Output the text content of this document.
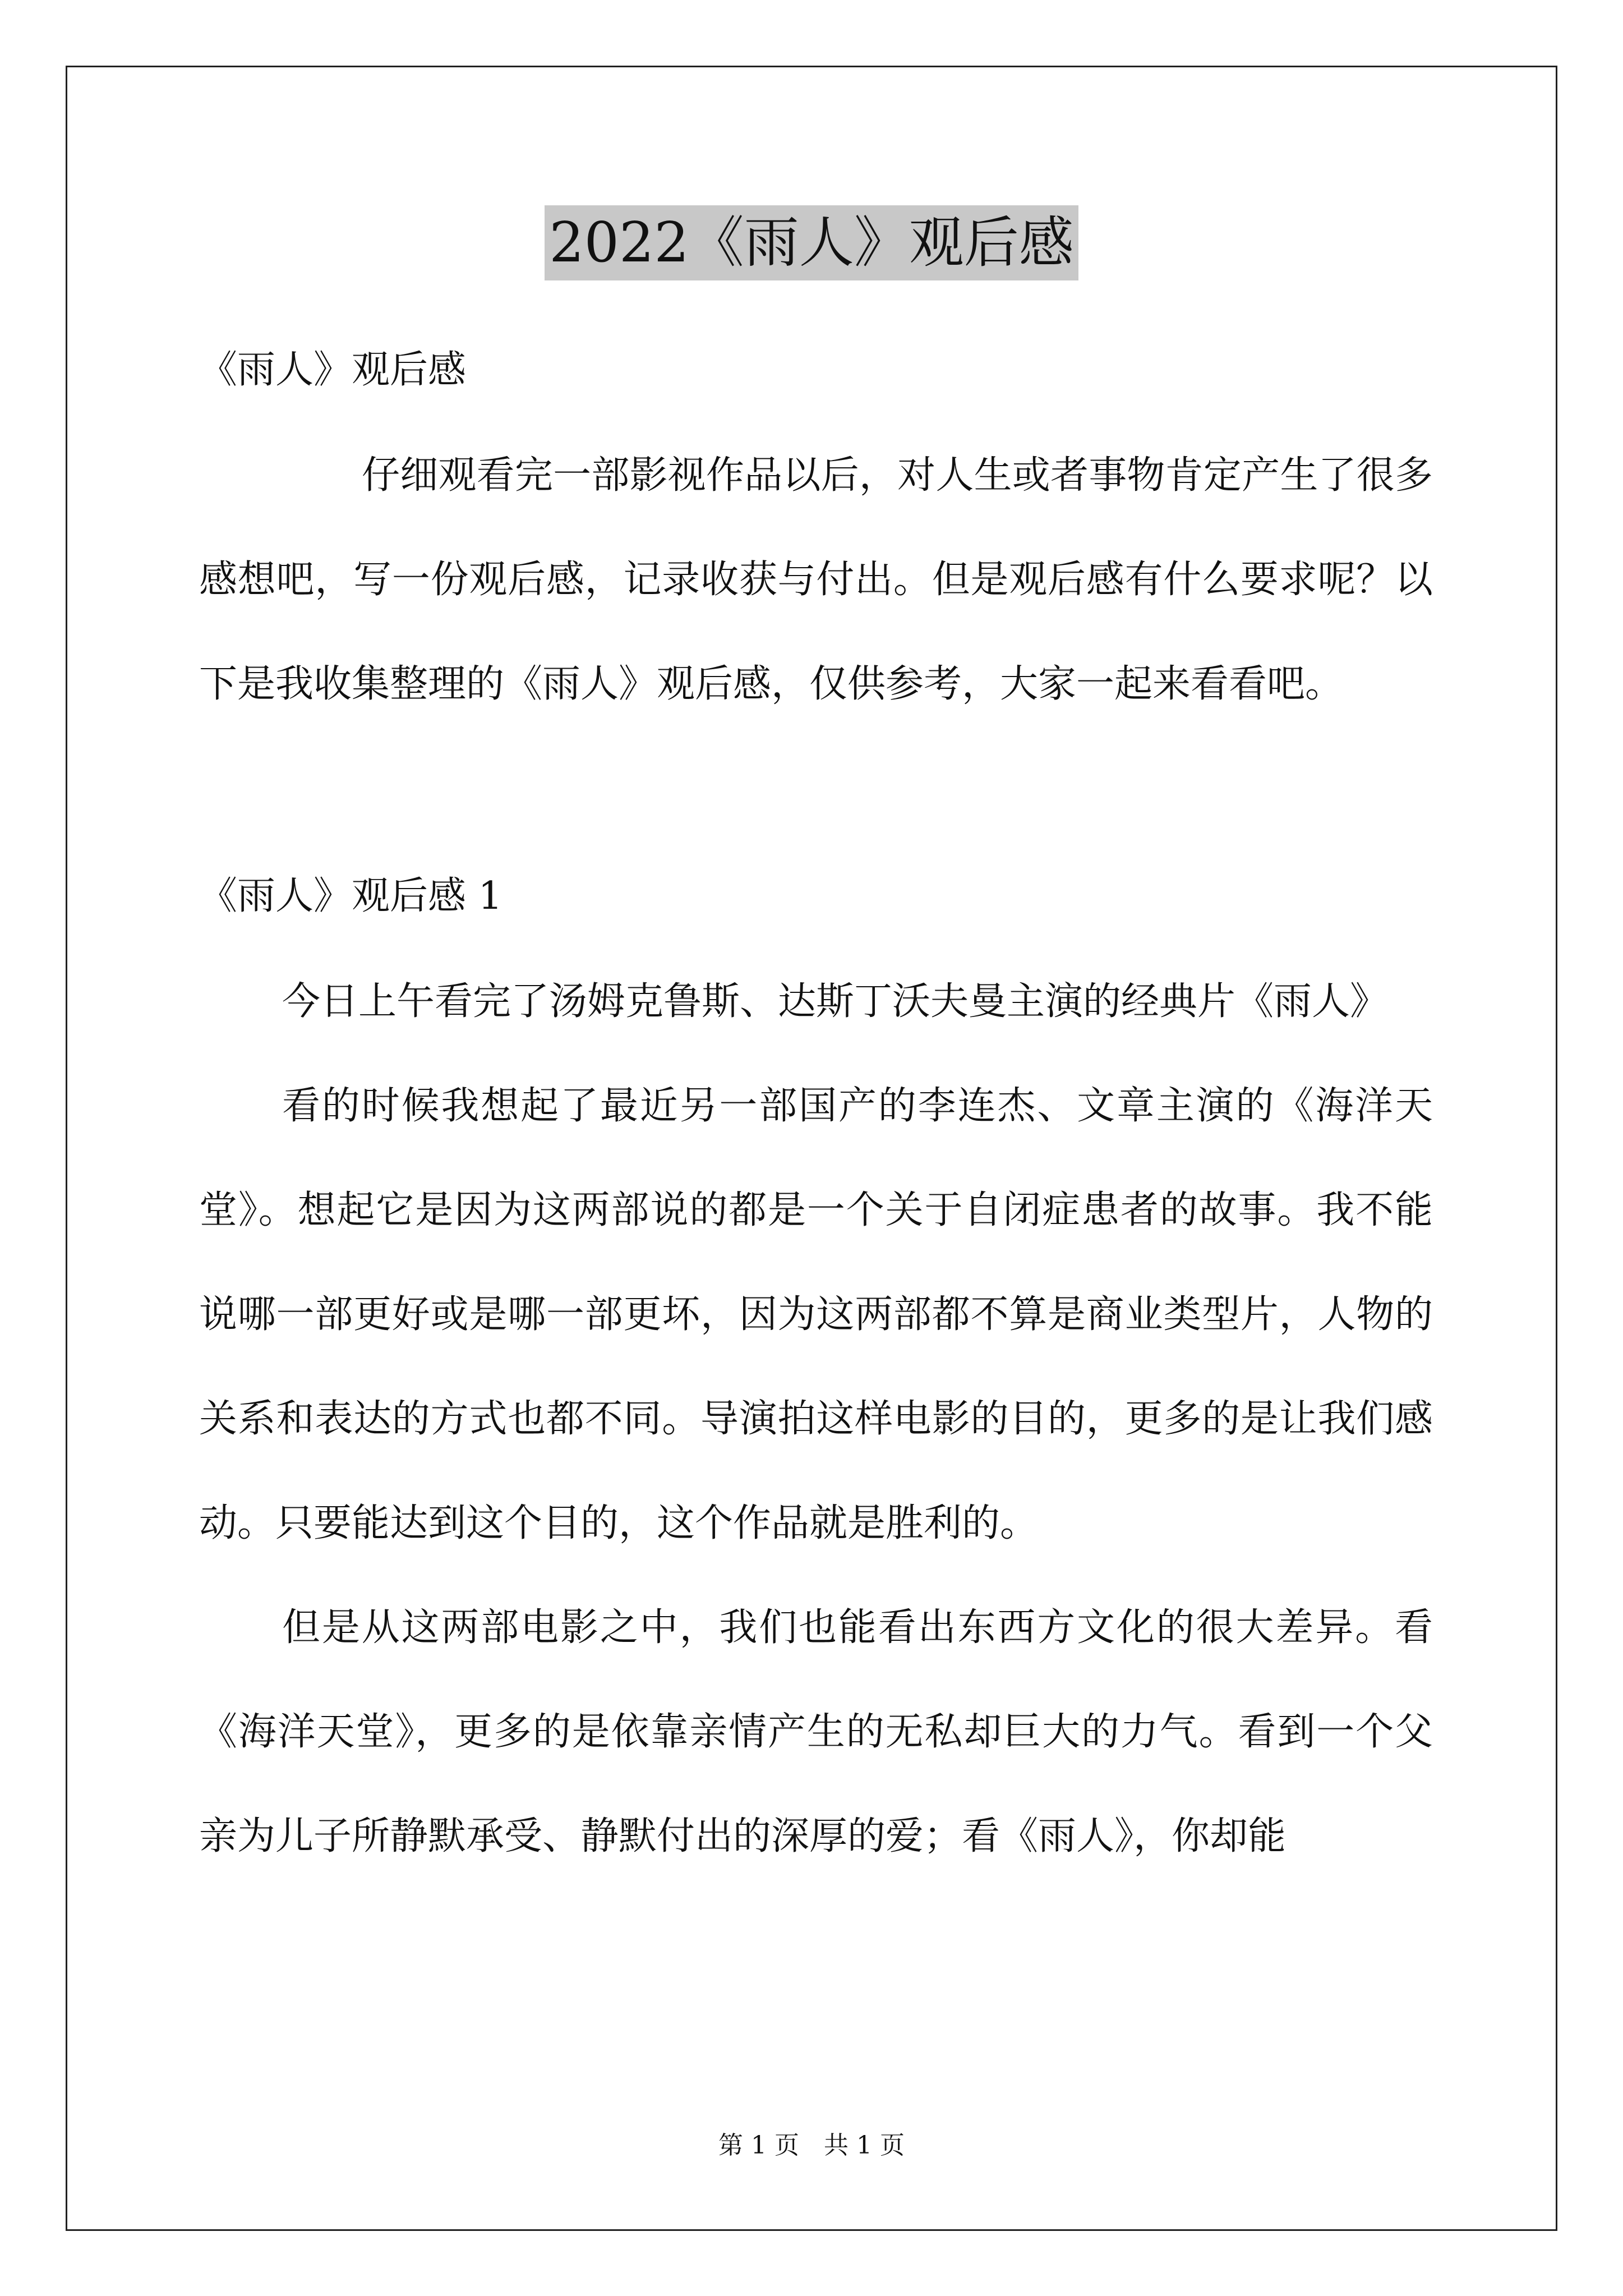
2022《雨人》观后感

《雨人》观后感

仔细观看完一部影视作品以后，对人生或者事物肯定产生了很多感想吧，写一份观后感，记录收获与付出。但是观后感有什么要求呢？以下是我收集整理的《雨人》观后感，仅供参考，大家一起来看看吧。

《雨人》观后感 1

今日上午看完了汤姆克鲁斯、达斯丁沃夫曼主演的经典片《雨人》

看的时候我想起了最近另一部国产的李连杰、文章主演的《海洋天堂》。想起它是因为这两部说的都是一个关于自闭症患者的故事。我不能说哪一部更好或是哪一部更坏，因为这两部都不算是商业类型片，人物的关系和表达的方式也都不同。导演拍这样电影的目的，更多的是让我们感动。只要能达到这个目的，这个作品就是胜利的。

但是从这两部电影之中，我们也能看出东西方文化的很大差异。看《海洋天堂》，更多的是依靠亲情产生的无私却巨大的力气。看到一个父亲为儿子所静默承受、静默付出的深厚的爱；看《雨人》，你却能

第 1 页　共 1 页
